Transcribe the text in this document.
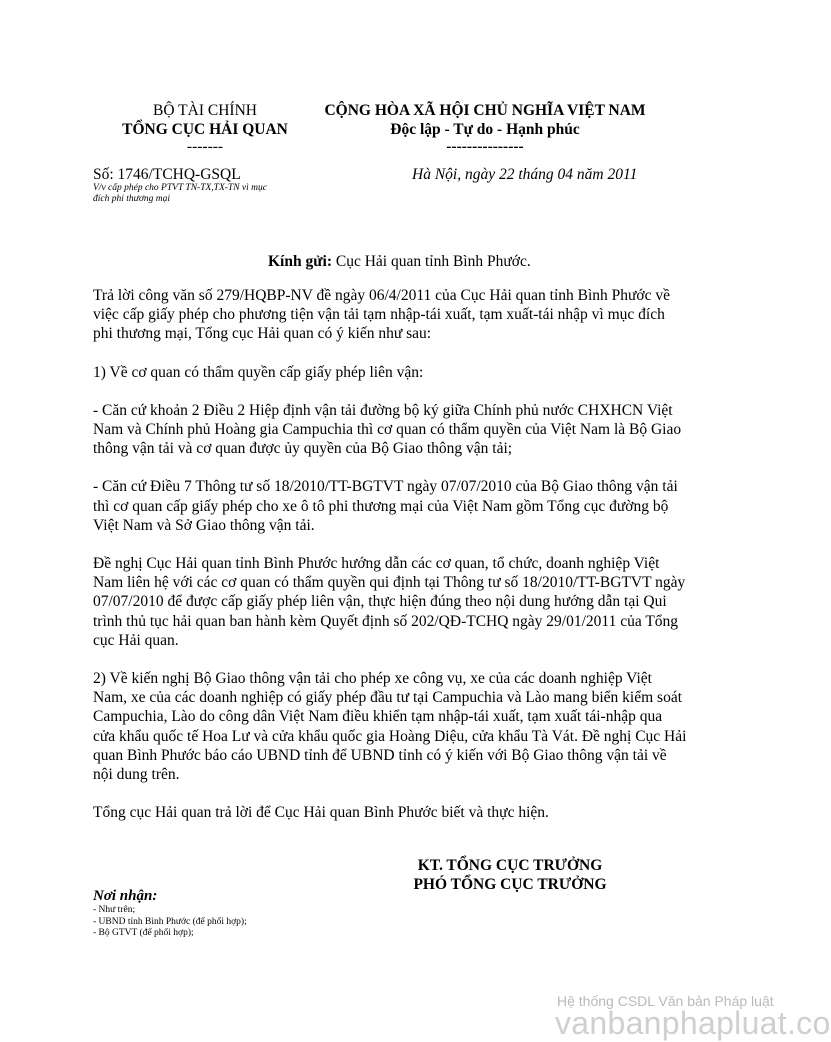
BỘ TÀI CHÍNH
TỔNG CỤC HẢI QUAN
-------
CỘNG HÒA XÃ HỘI CHỦ NGHĨA VIỆT NAM
Độc lập - Tự do - Hạnh phúc
---------------
Số: 1746/TCHQ-GSQL
V/v cấp phép cho PTVT TN-TX,TX-TN vì mục
đích phi thương mại
Hà Nội, ngày 22 tháng 04 năm 2011
Kính gửi: Cục Hải quan tỉnh Bình Phước.

Trả lời công văn số 279/HQBP-NV đề ngày 06/4/2011 của Cục Hải quan tỉnh Bình Phước về việc cấp giấy phép cho phương tiện vận tải tạm nhập-tái xuất, tạm xuất-tái nhập vì mục đích phi thương mại, Tổng cục Hải quan có ý kiến như sau:

1) Về cơ quan có thẩm quyền cấp giấy phép liên vận:

- Căn cứ khoản 2 Điều 2 Hiệp định vận tải đường bộ ký giữa Chính phủ nước CHXHCN Việt Nam và Chính phủ Hoàng gia Campuchia thì cơ quan có thẩm quyền của Việt Nam là Bộ Giao thông vận tải và cơ quan được ủy quyền của Bộ Giao thông vận tải;

- Căn cứ Điều 7 Thông tư số 18/2010/TT-BGTVT ngày 07/07/2010 của Bộ Giao thông vận tải thì cơ quan cấp giấy phép cho xe ô tô phi thương mại của Việt Nam gồm Tổng cục đường bộ Việt Nam và Sở Giao thông vận tải.

Đề nghị Cục Hải quan tỉnh Bình Phước hướng dẫn các cơ quan, tổ chức, doanh nghiệp Việt Nam liên hệ với các cơ quan có thẩm quyền qui định tại Thông tư số 18/2010/TT-BGTVT ngày 07/07/2010 để được cấp giấy phép liên vận, thực hiện đúng theo nội dung hướng dẫn tại Qui trình thủ tục hải quan ban hành kèm Quyết định số 202/QĐ-TCHQ ngày 29/01/2011 của Tổng cục Hải quan.

2) Về kiến nghị Bộ Giao thông vận tải cho phép xe công vụ, xe của các doanh nghiệp Việt Nam, xe của các doanh nghiệp có giấy phép đầu tư tại Campuchia và Lào mang biển kiểm soát Campuchia, Lào do công dân Việt Nam điều khiển tạm nhập-tái xuất, tạm xuất tái-nhập qua cửa khẩu quốc tế Hoa Lư và cửa khẩu quốc gia Hoàng Diệu, cửa khẩu Tà Vát. Đề nghị Cục Hải quan Bình Phước báo cáo UBND tỉnh để UBND tỉnh có ý kiến với Bộ Giao thông vận tải về nội dung trên.

Tổng cục Hải quan trả lời để Cục Hải quan Bình Phước biết và thực hiện.

KT. TỔNG CỤC TRƯỞNG
PHÓ TỔNG CỤC TRƯỞNG
Nơi nhận:
- Như trên;
- UBND tỉnh Bình Phước (để phối hợp);
- Bộ GTVT (để phối hợp);
Hệ thống CSDL Văn bản Pháp luật
vanbanphapluat.co
